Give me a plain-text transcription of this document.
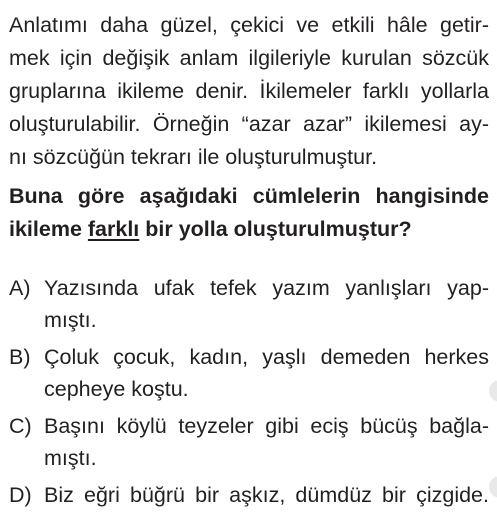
Anlatımı daha güzel, çekici ve etkili hâle getir-
mek için değişik anlam ilgileriyle kurulan sözcük
gruplarına ikileme denir. İkilemeler farklı yollarla
oluşturulabilir. Örneğin “azar azar” ikilemesi ay-
nı sözcüğün tekrarı ile oluşturulmuştur.
Buna göre aşağıdaki cümlelerin hangisinde
ikileme farklı bir yolla oluşturulmuştur?
A) Yazısında ufak tefek yazım yanlışları yap-
mıştı.
B) Çoluk çocuk, kadın, yaşlı demeden herkes
cepheye koştu.
C) Başını köylü teyzeler gibi eciş bücüş bağla-
mıştı.
D) Biz eğri büğrü bir aşkız, dümdüz bir çizgide.
